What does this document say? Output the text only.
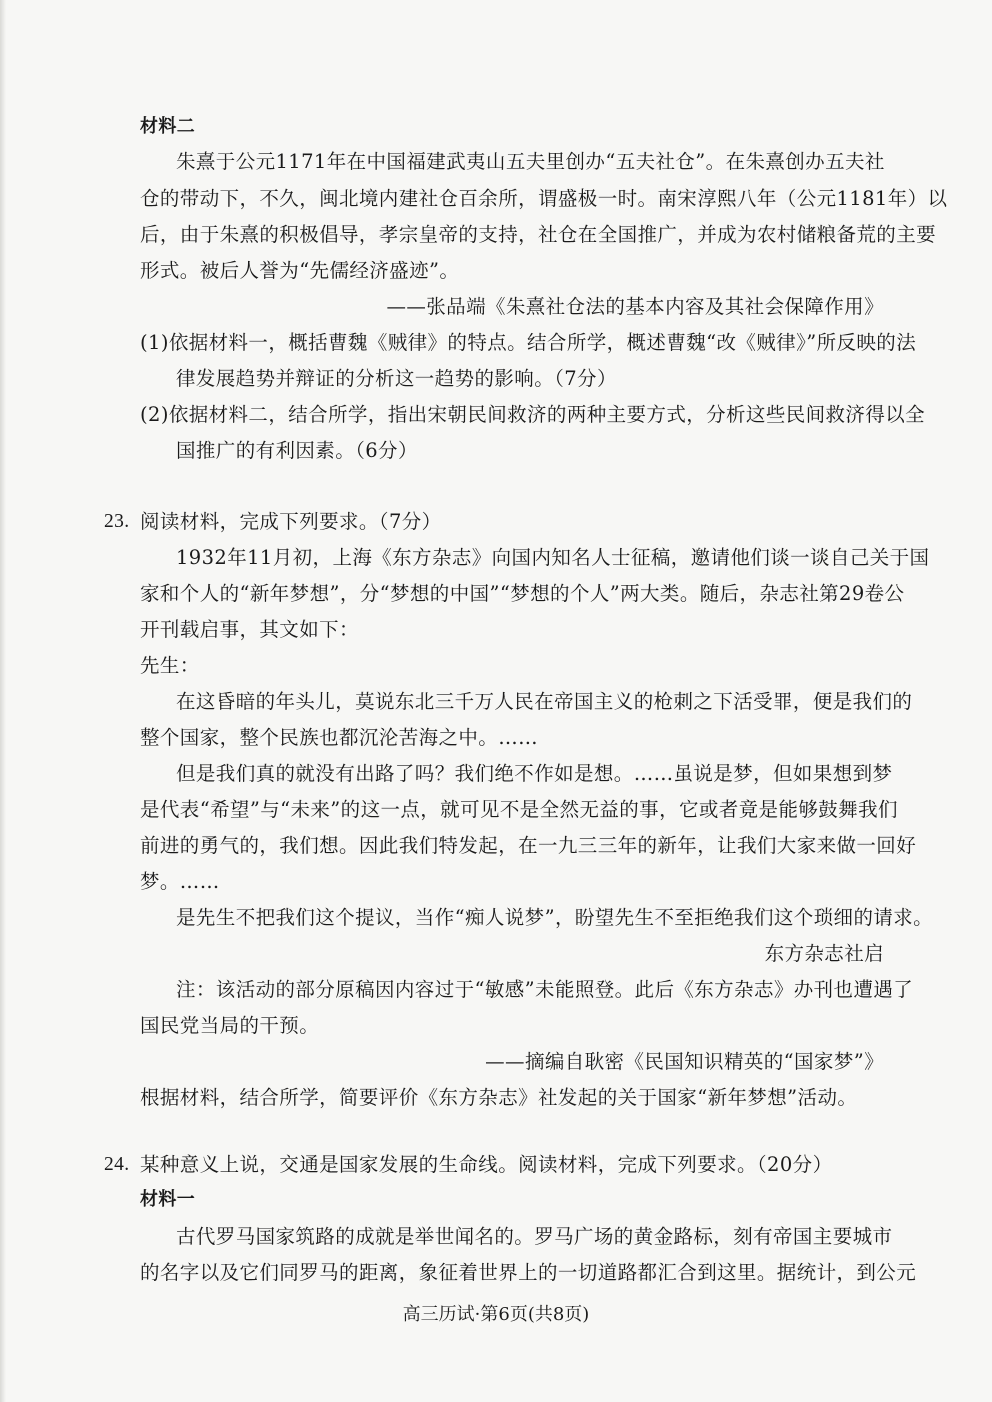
材料二
朱熹于公元1171年在中国福建武夷山五夫里创办“五夫社仓”。在朱熹创办五夫社
仓的带动下，不久，闽北境内建社仓百余所，谓盛极一时。南宋淳熙八年（公元1181年）以
后，由于朱熹的积极倡导，孝宗皇帝的支持，社仓在全国推广，并成为农村储粮备荒的主要
形式。被后人誉为“先儒经济盛迹”。
——张品端《朱熹社仓法的基本内容及其社会保障作用》
(1)依据材料一，概括曹魏《贼律》的特点。结合所学，概述曹魏“改《贼律》”所反映的法
律发展趋势并辩证的分析这一趋势的影响。（7分）
(2)依据材料二，结合所学，指出宋朝民间救济的两种主要方式，分析这些民间救济得以全
国推广的有利因素。（6分）
23. 阅读材料，完成下列要求。（7分）
1932年11月初，上海《东方杂志》向国内知名人士征稿，邀请他们谈一谈自己关于国
家和个人的“新年梦想”，分“梦想的中国”“梦想的个人”两大类。随后，杂志社第29卷公
开刊载启事，其文如下：
先生：
在这昏暗的年头儿，莫说东北三千万人民在帝国主义的枪刺之下活受罪，便是我们的
整个国家，整个民族也都沉沦苦海之中。……
但是我们真的就没有出路了吗？我们绝不作如是想。……虽说是梦，但如果想到梦
是代表“希望”与“未来”的这一点，就可见不是全然无益的事，它或者竟是能够鼓舞我们
前进的勇气的，我们想。因此我们特发起，在一九三三年的新年，让我们大家来做一回好
梦。……
是先生不把我们这个提议，当作“痴人说梦”，盼望先生不至拒绝我们这个琐细的请求。
东方杂志社启
注：该活动的部分原稿因内容过于“敏感”未能照登。此后《东方杂志》办刊也遭遇了
国民党当局的干预。
——摘编自耿密《民国知识精英的“国家梦”》
根据材料，结合所学，简要评价《东方杂志》社发起的关于国家“新年梦想”活动。
24. 某种意义上说，交通是国家发展的生命线。阅读材料，完成下列要求。（20分）
材料一
古代罗马国家筑路的成就是举世闻名的。罗马广场的黄金路标，刻有帝国主要城市
的名字以及它们同罗马的距离，象征着世界上的一切道路都汇合到这里。据统计，到公元
高三历试·第6页(共8页)
